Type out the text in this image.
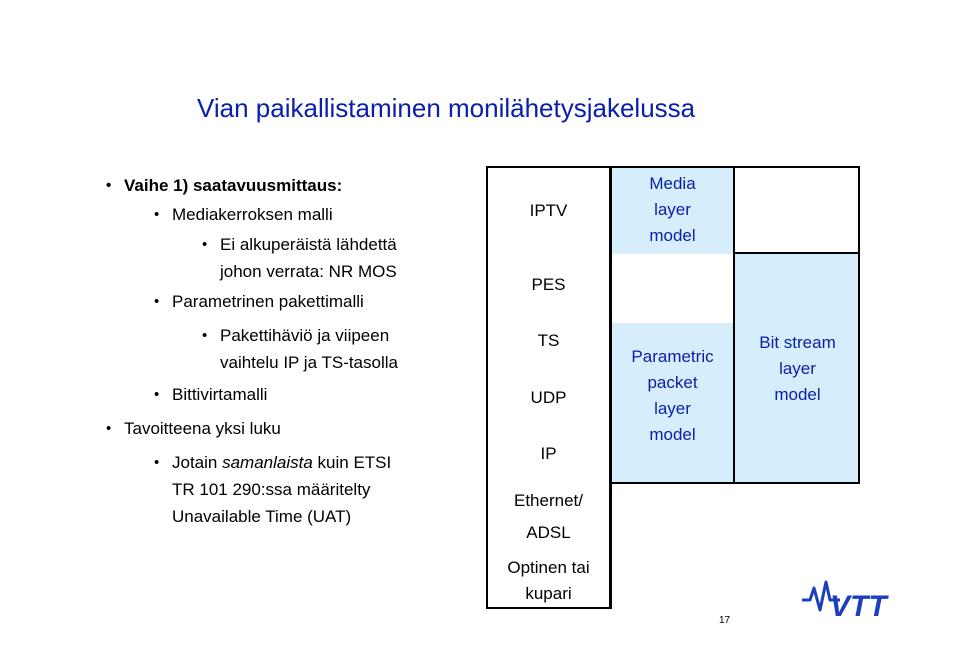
Vian paikallistaminen monilähetysjakelussa
• Vaihe 1) saatavuusmittaus:
• Mediakerroksen malli
• Ei alkuperäistä lähdettä
johon verrata: NR MOS
• Parametrinen pakettimalli
• Pakettihäviö ja viipeen
vaihtelu IP ja TS-tasolla
• Bittivirtamalli
• Tavoitteena yksi luku
• Jotain samanlaista kuin ETSI
TR 101 290:ssa määritelty
Unavailable Time (UAT)
IPTV
PES
TS
UDP
IP
Ethernet/
ADSL
Optinen tai
kupari
Media
layer
model
Parametric
packet
layer
model
Bit stream
layer
model
17	VTT
